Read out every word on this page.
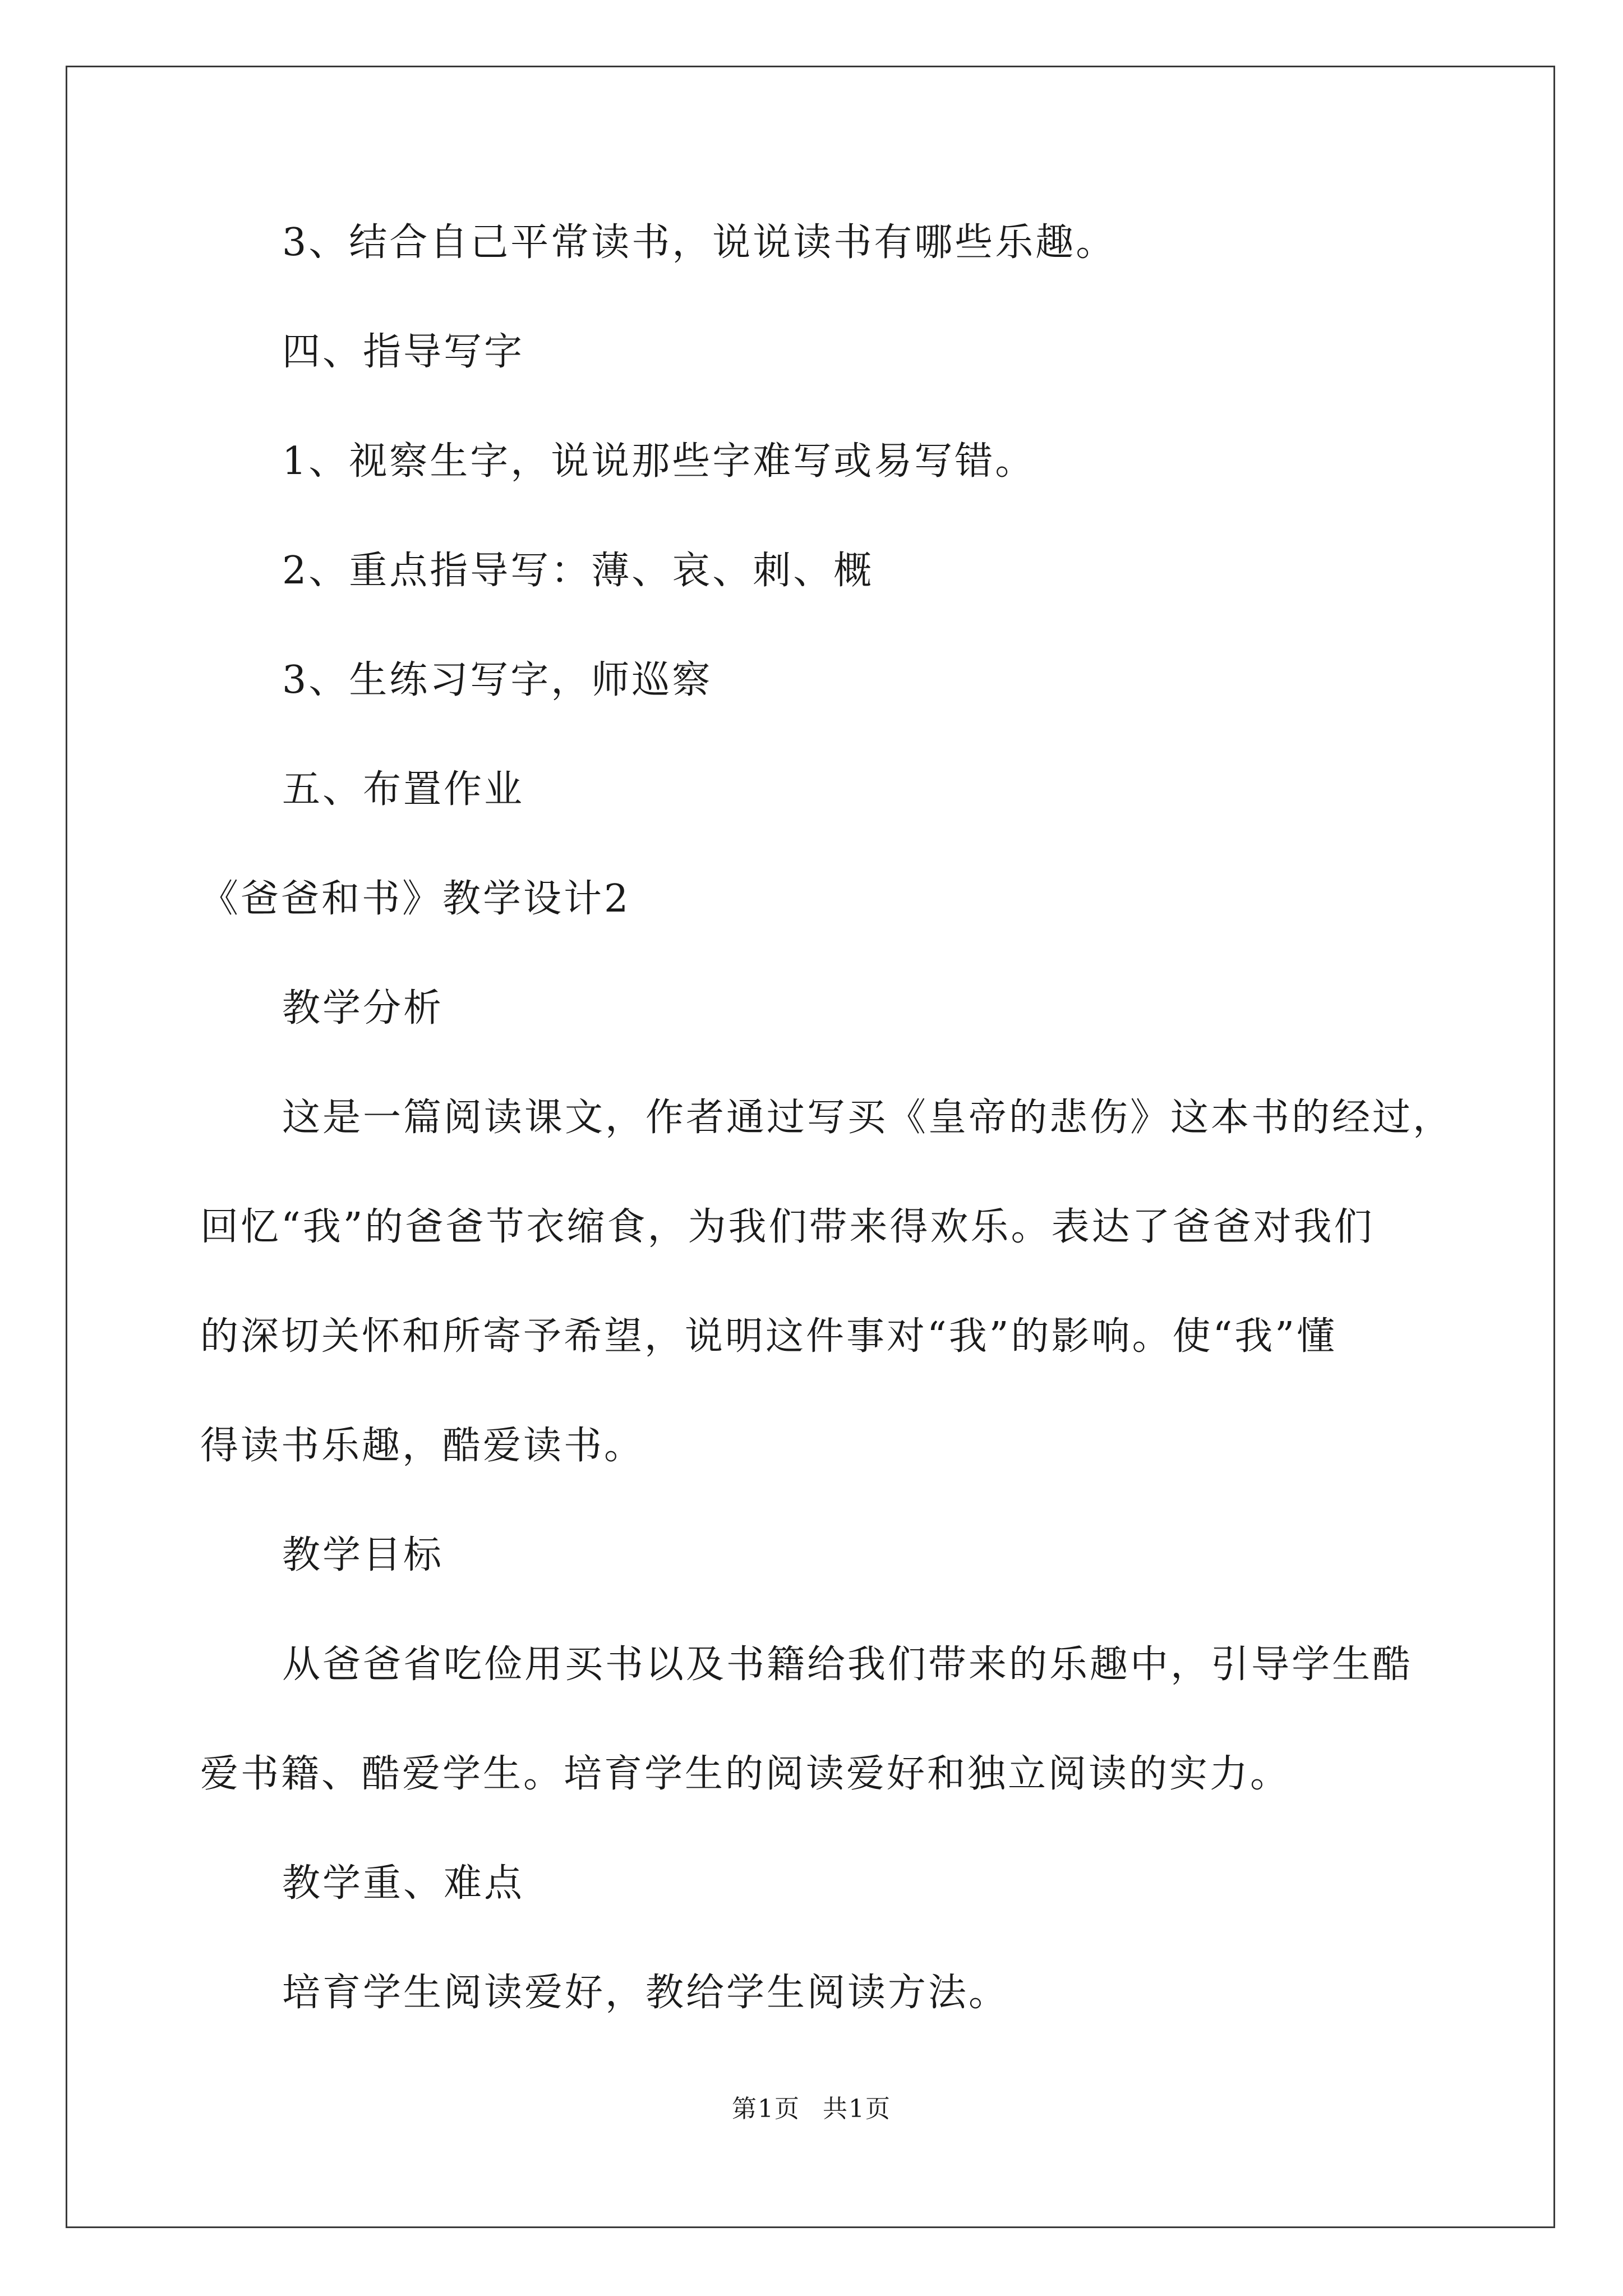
3、结合自己平常读书，说说读书有哪些乐趣。

四、指导写字

1、视察生字，说说那些字难写或易写错。

2、重点指导写：薄、哀、刺、概

3、生练习写字，师巡察

五、布置作业

《爸爸和书》教学设计2

教学分析

这是一篇阅读课文，作者通过写买《皇帝的悲伤》这本书的经过，

回忆“我”的爸爸节衣缩食，为我们带来得欢乐。表达了爸爸对我们

的深切关怀和所寄予希望，说明这件事对“我”的影响。使“我”懂

得读书乐趣，酷爱读书。

教学目标

从爸爸省吃俭用买书以及书籍给我们带来的乐趣中，引导学生酷

爱书籍、酷爱学生。培育学生的阅读爱好和独立阅读的实力。

教学重、难点

培育学生阅读爱好，教给学生阅读方法。

第1页 共1页
